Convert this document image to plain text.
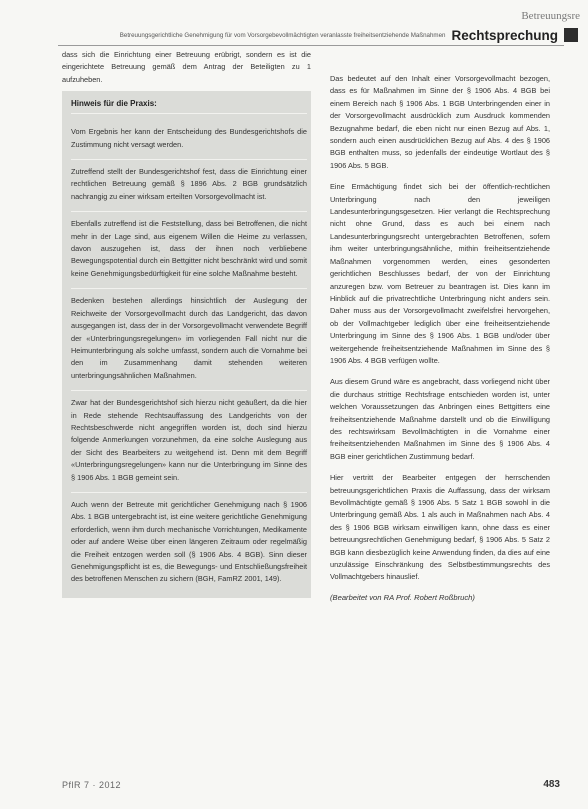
Betreuungsre
Betreuungsgerichtliche Genehmigung für vom Vorsorgebevollmächtigten veranlasste freiheitsentziehende Maßnahmen Rechtsprechung

dass sich die Einrichtung einer Betreuung erübrigt, sondern es ist die eingerichtete Betreuung gemäß dem Antrag der Beteiligten zu 1 aufzuheben.

Hinweis für die Praxis:

Vom Ergebnis her kann der Entscheidung des Bundesgerichtshofs die Zustimmung nicht versagt werden.

Zutreffend stellt der Bundesgerichtshof fest, dass die Einrichtung einer rechtlichen Betreuung gemäß § 1896 Abs. 2 BGB grundsätzlich nachrangig zu einer wirksam erteilten Vorsorgevollmacht ist.

Ebenfalls zutreffend ist die Feststellung, dass bei Betroffenen, die nicht mehr in der Lage sind, aus eigenem Willen die Heime zu verlassen, davon auszugehen ist, dass der ihnen noch verbliebene Bewegungspotential durch ein Bettgitter nicht beschränkt wird und somit keine Genehmigungsbedürftigkeit für eine solche Maßnahme besteht.

Bedenken bestehen allerdings hinsichtlich der Auslegung der Reichweite der Vorsorgevollmacht durch das Landgericht, das davon ausgegangen ist, dass der in der Vorsorgevollmacht verwendete Begriff der «Unterbringungsregelungen» im vorliegenden Fall nicht nur die Heimunterbringung als solche umfasst, sondern auch die Vornahme bei den im Zusammenhang damit stehenden weiteren unterbringungsähnlichen Maßnahmen.

Zwar hat der Bundesgerichtshof sich hierzu nicht geäußert, da die hier in Rede stehende Rechtsauffassung des Landgerichts von der Rechtsbeschwerde nicht angegriffen worden ist, doch sind hierzu folgende Anmerkungen vorzunehmen, da eine solche Auslegung aus der Sicht des Bearbeiters zu weitgehend ist. Denn mit dem Begriff «Unterbringungsregelungen» kann nur die Unterbringung im Sinne des § 1906 Abs. 1 BGB gemeint sein.

Auch wenn der Betreute mit gerichtlicher Genehmigung nach § 1906 Abs. 1 BGB untergebracht ist, ist eine weitere gerichtliche Genehmigung erforderlich, wenn ihm durch mechanische Vorrichtungen, Medikamente oder auf andere Weise über einen längeren Zeitraum oder regelmäßig die Freiheit entzogen werden soll (§ 1906 Abs. 4 BGB). Sinn dieser Genehmigungspflicht ist es, die Bewegungs- und Entschließungsfreiheit des betroffenen Menschen zu sichern (BGH, FamRZ 2001, 149).

Das bedeutet auf den Inhalt einer Vorsorgevollmacht bezogen, dass es für Maßnahmen im Sinne der § 1906 Abs. 4 BGB bei einem Bereich nach § 1906 Abs. 1 BGB Unterbringenden einer in der Vorsorgevollmacht ausdrücklich zum Ausdruck kommenden Bezugnahme bedarf, die eben nicht nur einen Bezug auf Abs. 1, sondern auch einen ausdrücklichen Bezug auf Abs. 4 des § 1906 BGB enthalten muss, so jedenfalls der eindeutige Wortlaut des § 1906 Abs. 5 BGB.

Eine Ermächtigung findet sich bei der öffentlich-rechtlichen Unterbringung nach den jeweiligen Landesunterbringungsgesetzen. Hier verlangt die Rechtsprechung nicht ohne Grund, dass es auch bei einem nach Landesunterbringungsrecht untergebrachten Betroffenen, sofern ihm weiter unterbringungsähnliche, mithin freiheitsentziehende Maßnahmen vorgenommen werden, eines gesonderten gerichtlichen Beschlusses bedarf, der von der Einrichtung anzuregen bzw. vom Betreuer zu beantragen ist. Dies kann im Hinblick auf die privatrechtliche Unterbringung nicht anders sein. Daher muss aus der Vorsorgevollmacht zweifelsfrei hervorgehen, ob der Vollmachtgeber lediglich über eine freiheitsentziehende Unterbringung im Sinne des § 1906 Abs. 1 BGB und/oder über weitergehende freiheitsentziehende Maßnahmen im Sinne des § 1906 Abs. 4 BGB verfügen wollte.

Aus diesem Grund wäre es angebracht, dass vorliegend nicht über die durchaus strittige Rechtsfrage entschieden worden ist, unter welchen Voraussetzungen das Anbringen eines Bettgitters eine freiheitsentziehende Maßnahme darstellt und ob die Einwilligung des rechtswirksam Bevollmächtigten in die Vornahme einer freiheitsentziehenden Maßnahmen im Sinne des § 1906 Abs. 4 BGB einer gerichtlichen Zustimmung bedarf.

Hier vertritt der Bearbeiter entgegen der herrschenden betreuungsgerichtlichen Praxis die Auffassung, dass der wirksam Bevollmächtigte gemäß § 1906 Abs. 5 Satz 1 BGB sowohl in die Unterbringung gemäß Abs. 1 als auch in Maßnahmen nach Abs. 4 des § 1906 BGB wirksam einwilligen kann, ohne dass es einer betreuungsrechtlichen Genehmigung bedarf, § 1906 Abs. 5 Satz 2 BGB kann diesbezüglich keine Anwendung finden, da dies auf eine unzulässige Einschränkung des Selbstbestimmungsrechts des Vollmachtgebers hinauslief.

(Bearbeitet von RA Prof. Robert Roßbruch)
PflR 7 · 2012	483
